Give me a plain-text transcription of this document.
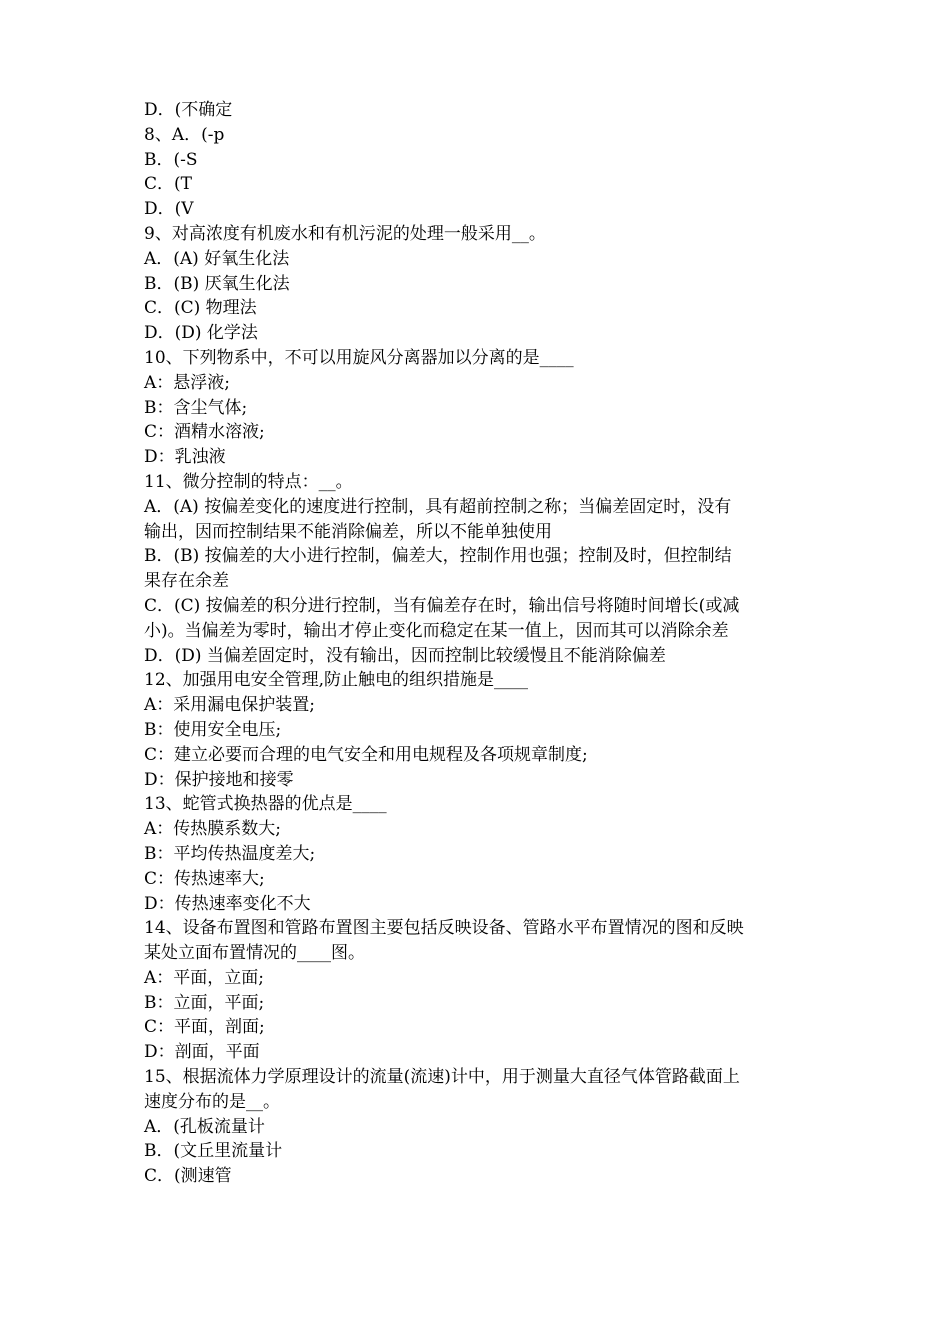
D．(不确定
8、A．(-p
B．(-S
C．(T
D．(V
9、对高浓度有机废水和有机污泥的处理一般采用__。
A．(A) 好氧生化法
B．(B) 厌氧生化法
C．(C) 物理法
D．(D) 化学法
10、下列物系中，不可以用旋风分离器加以分离的是____
A：悬浮液;
B：含尘气体;
C：酒精水溶液;
D：乳浊液
11、微分控制的特点：__。
A．(A) 按偏差变化的速度进行控制，具有超前控制之称；当偏差固定时，没有
输出，因而控制结果不能消除偏差，所以不能单独使用
B．(B) 按偏差的大小进行控制，偏差大，控制作用也强；控制及时，但控制结
果存在余差
C．(C) 按偏差的积分进行控制，当有偏差存在时，输出信号将随时间增长(或减
小)。当偏差为零时，输出才停止变化而稳定在某一值上，因而其可以消除余差
D．(D) 当偏差固定时，没有输出，因而控制比较缓慢且不能消除偏差
12、加强用电安全管理,防止触电的组织措施是____
A：采用漏电保护装置;
B：使用安全电压;
C：建立必要而合理的电气安全和用电规程及各项规章制度;
D：保护接地和接零
13、蛇管式换热器的优点是____
A：传热膜系数大;
B：平均传热温度差大;
C：传热速率大;
D：传热速率变化不大
14、设备布置图和管路布置图主要包括反映设备、管路水平布置情况的图和反映
某处立面布置情况的____图。
A：平面，立面;
B：立面，平面;
C：平面，剖面;
D：剖面，平面
15、根据流体力学原理设计的流量(流速)计中，用于测量大直径气体管路截面上
速度分布的是__。
A．(孔板流量计
B．(文丘里流量计
C．(测速管
